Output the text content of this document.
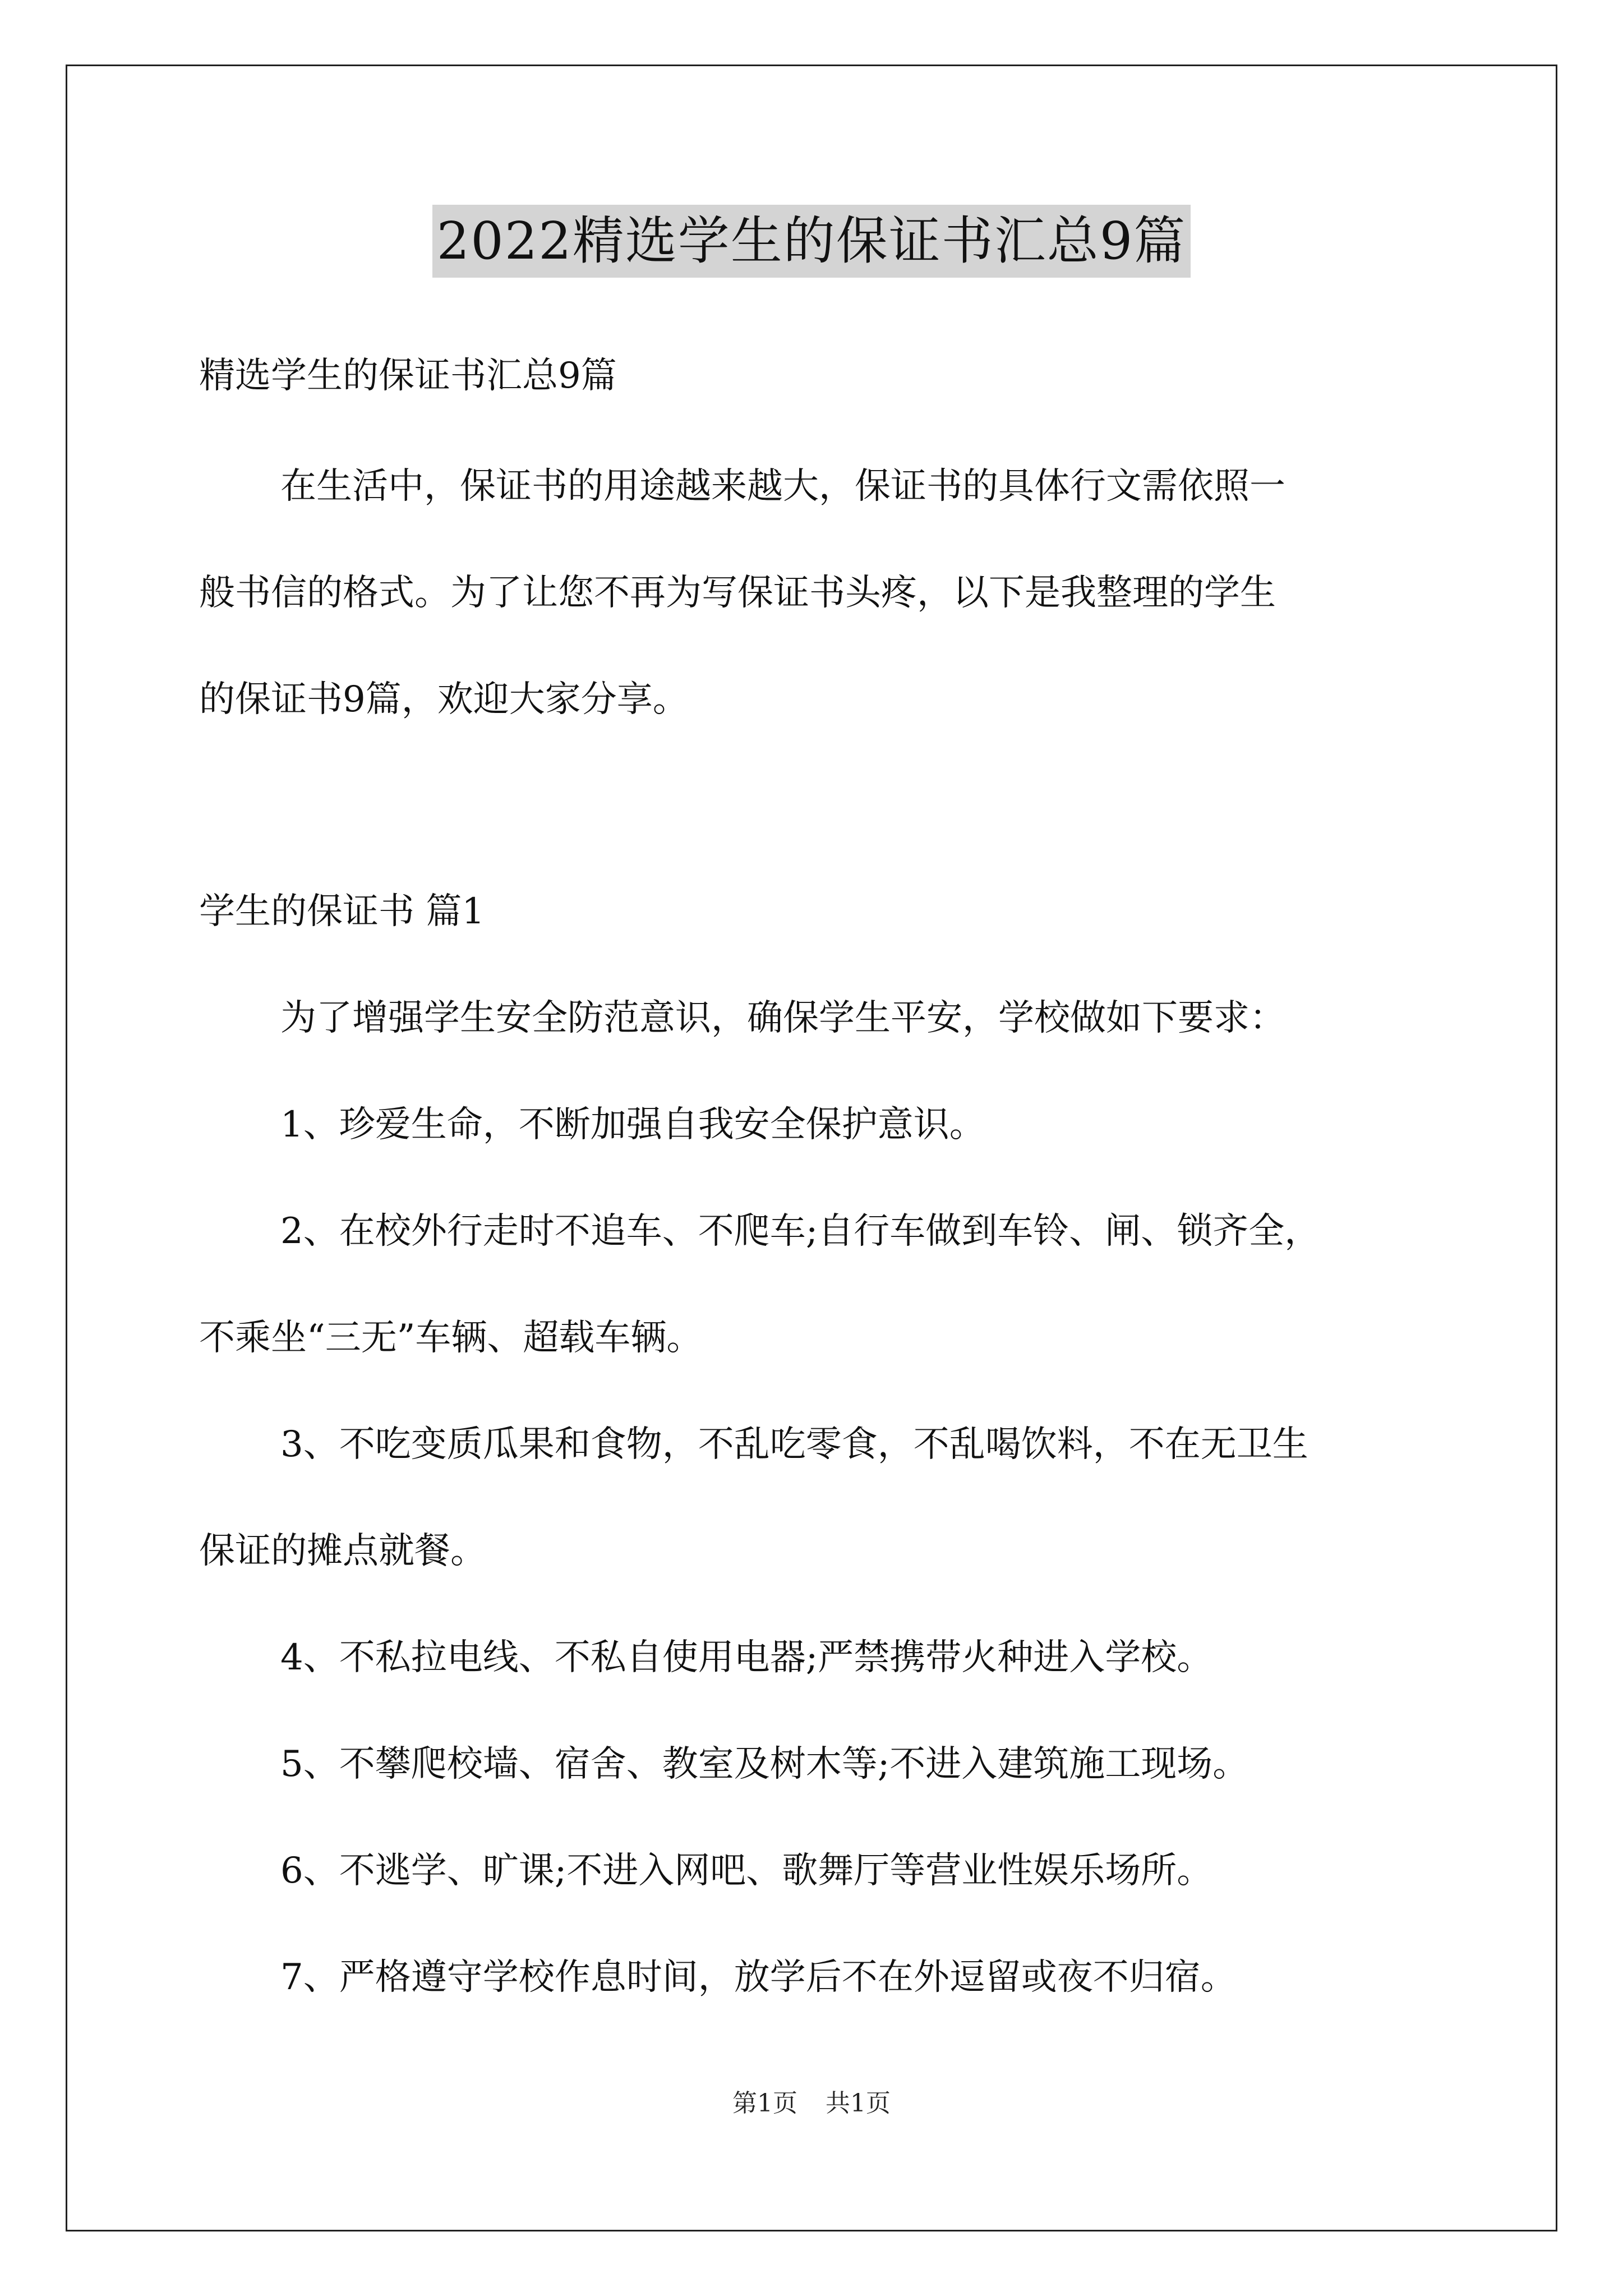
2022精选学生的保证书汇总9篇
精选学生的保证书汇总9篇
在生活中，保证书的用途越来越大，保证书的具体行文需依照一
般书信的格式。为了让您不再为写保证书头疼，以下是我整理的学生
的保证书9篇，欢迎大家分享。
学生的保证书 篇1
为了增强学生安全防范意识，确保学生平安，学校做如下要求：
1、珍爱生命，不断加强自我安全保护意识。
2、在校外行走时不追车、不爬车;自行车做到车铃、闸、锁齐全，
不乘坐“三无”车辆、超载车辆。
3、不吃变质瓜果和食物，不乱吃零食，不乱喝饮料，不在无卫生
保证的摊点就餐。
4、不私拉电线、不私自使用电器;严禁携带火种进入学校。
5、不攀爬校墙、宿舍、教室及树木等;不进入建筑施工现场。
6、不逃学、旷课;不进入网吧、歌舞厅等营业性娱乐场所。
7、严格遵守学校作息时间，放学后不在外逗留或夜不归宿。
第1页 共1页
